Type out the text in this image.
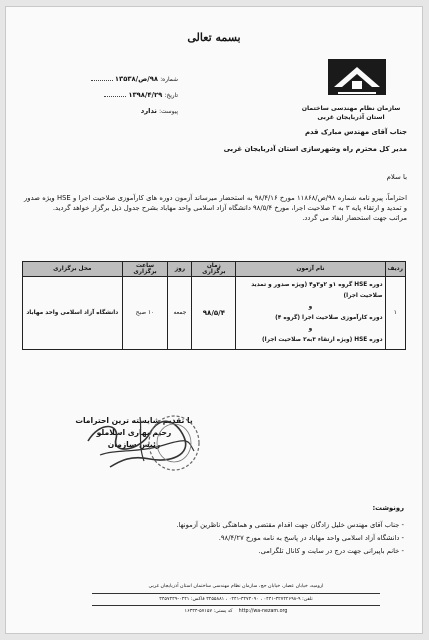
بسمه تعالی
سازمان نظام مهندسی ساختمان
استان آذربایجان غربی
شماره: ۹۸/ص/۱۳۵۳۸
تاریخ: ۱۳۹۸/۴/۲۹
پیوست: ندارد
جناب آقای مهندس مبارک قدم
مدیر کل محترم راه وشهرسازی استان آذربایجان غربی
با سلام
احتراماً، پیرو نامه شماره ۹۸/ص/۱۱۸۶۸ مورخ ۹۸/۴/۱۶ به استحضار میرساند آزمون دوره های کارآموزی صلاحیت اجرا و HSE ویژه صدور و تمدید و ارتقاء پایه ۳ به ۲ صلاحیت اجرا، مورخ ۹۸/۵/۴ دانشگاه آزاد اسلامی واحد مهاباد بشرح جدول ذیل برگزار خواهد گردید.
مراتب جهت استحضار ایفاد می گردد.
ردیف	نام آزمون	زمان برگزاری	روز	ساعت برگزاری	محل برگزاری
۱	دوره HSE گروه ۱و ۲و۳و۴ (ویژه صدور و تمدید صلاحیت اجرا)
و
دوره کارآموزی صلاحیت اجرا (گروه ۴)
و
دوره HSE (ویژه ارتقاء ۳به۲ صلاحیت اجرا)	۹۸/۵/۴	جمعه	۱۰ صبح	دانشگاه آزاد اسلامی واحد مهاباد
با تقدیم شایسته ترین احترامات
رحیم بهاری اسلاملو
رئیس سازمان
رونوشت:
- جناب آقای مهندس خلیل زادگان جهت اقدام مقتضی و هماهنگی ناظرین آزمونها.
- دانشگاه آزاد اسلامی واحد مهاباد در پاسخ به نامه مورخ ۹۸/۴/۲۷.
- خانم باپیرانی جهت درج در سایت و کانال تلگرامی.
ارومیه، خیابان عصار، خیابان حج، سازمان نظام مهندسی ساختمان استان آذربایجان غربی
تلفن: ۹-۳۲۷۴۲۶۹۸-۰۴۴۱ ، ۳۲۷۴۰۹۰-۰۴۴۱ ، ۳۲۵۵۸۸۱ فاکس: ۰۴۴۱-۳۴۵۷۲۳۹
http://wa-nezam.org    کد پستی: ۵۷۱۵۷-۱۶۳۳۴
